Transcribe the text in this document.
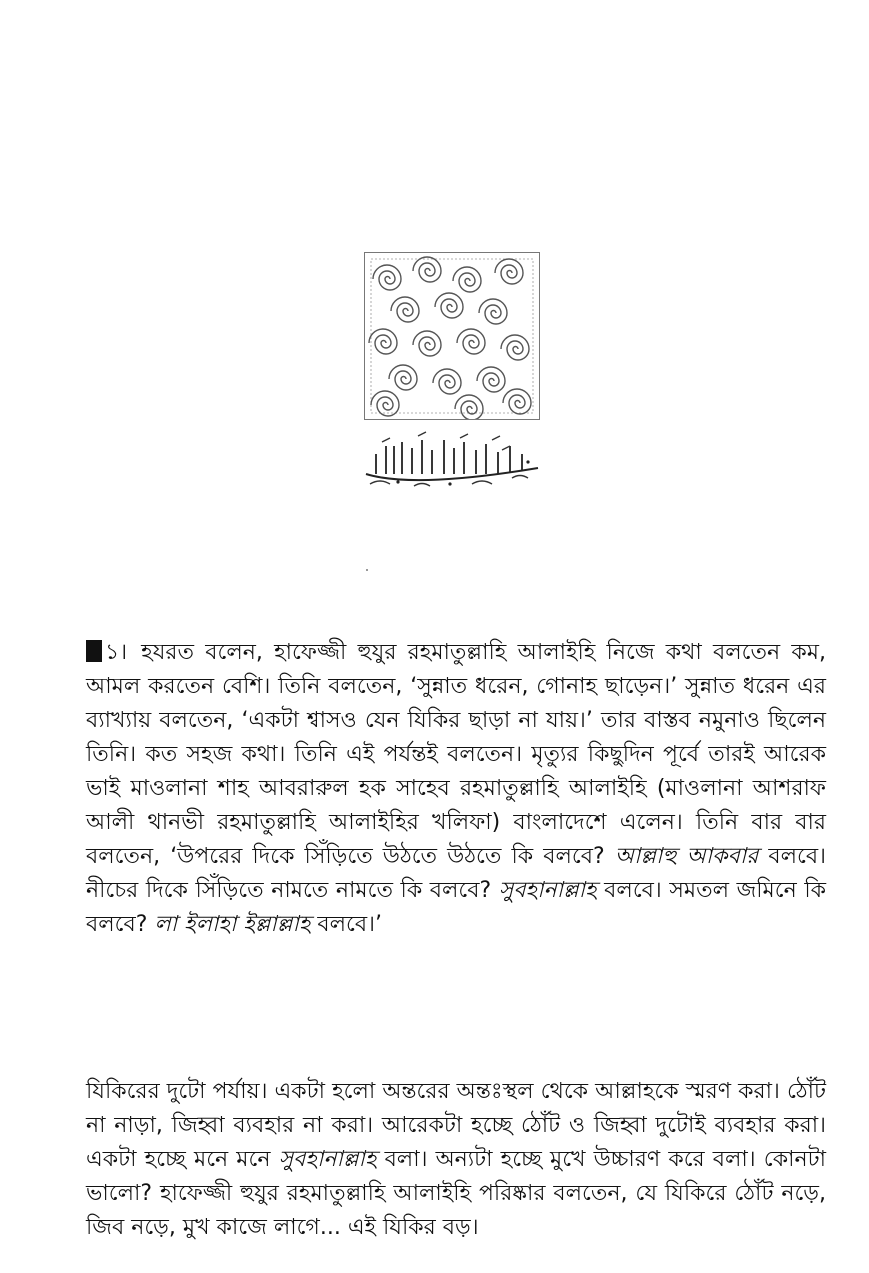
১। হযরত বলেন, হাফেজ্জী হুযুর রহমাতুল্লাহি আলাইহি নিজে কথা বলতেন কম, আমল করতেন বেশি। তিনি বলতেন, ‘সুন্নাত ধরেন, গোনাহ ছাড়েন।’ সুন্নাত ধরেন এর ব্যাখ্যায় বলতেন, ‘একটা শ্বাসও যেন যিকির ছাড়া না যায়।’ তার বাস্তব নমুনাও ছিলেন তিনি। কত সহজ কথা। তিনি এই পর্যন্তই বলতেন। মৃত্যুর কিছুদিন পূর্বে তারই আরেক ভাই মাওলানা শাহ আবরারুল হক সাহেব রহমাতুল্লাহি আলাইহি (মাওলানা আশরাফ আলী থানভী রহমাতুল্লাহি আলাইহির খলিফা) বাংলাদেশে এলেন। তিনি বার বার বলতেন, ‘উপরের দিকে সিঁড়িতে উঠতে উঠতে কি বলবে? আল্লাহু আকবার বলবে। নীচের দিকে সিঁড়িতে নামতে নামতে কি বলবে? সুবহানাল্লাহ বলবে। সমতল জমিনে কি বলবে? লা ইলাহা ইল্লাল্লাহ বলবে।’
যিকিরের দুটো পর্যায়। একটা হলো অন্তরের অন্তঃস্থল থেকে আল্লাহকে স্মরণ করা। ঠোঁট না নাড়া, জিহ্বা ব্যবহার না করা। আরেকটা হচ্ছে ঠোঁট ও জিহ্বা দুটোই ব্যবহার করা। একটা হচ্ছে মনে মনে সুবহানাল্লাহ বলা। অন্যটা হচ্ছে মুখে উচ্চারণ করে বলা। কোনটা ভালো? হাফেজ্জী হুযুর রহমাতুল্লাহি আলাইহি পরিষ্কার বলতেন, যে যিকিরে ঠোঁট নড়ে, জিব নড়ে, মুখ কাজে লাগে... এই যিকির বড়।
